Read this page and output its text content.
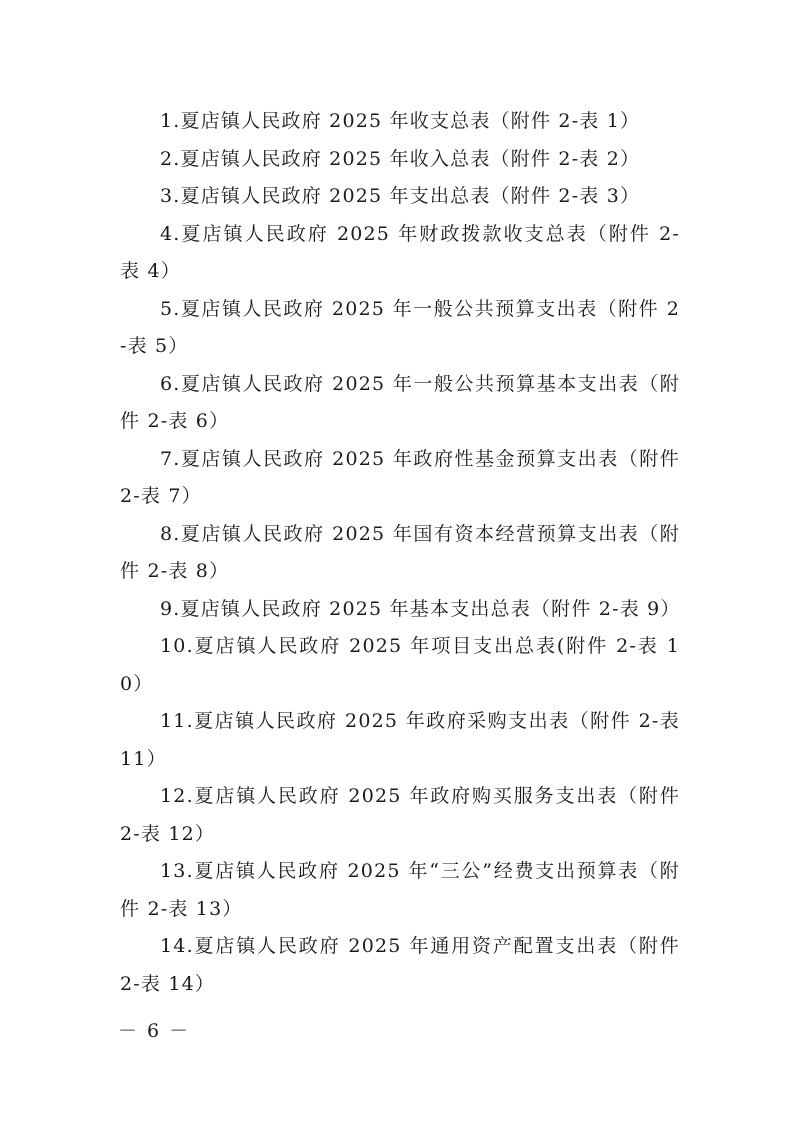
1.夏店镇人民政府 2025 年收支总表（附件 2-表 1）
2.夏店镇人民政府 2025 年收入总表（附件 2-表 2）
3.夏店镇人民政府 2025 年支出总表（附件 2-表 3）
4.夏店镇人民政府 2025 年财政拨款收支总表（附件 2-表 4）
5.夏店镇人民政府 2025 年一般公共预算支出表（附件 2-表 5）
6.夏店镇人民政府 2025 年一般公共预算基本支出表（附件 2-表 6）
7.夏店镇人民政府 2025 年政府性基金预算支出表（附件 2-表 7）
8.夏店镇人民政府 2025 年国有资本经营预算支出表（附件 2-表 8）
9.夏店镇人民政府 2025 年基本支出总表（附件 2-表 9）
10.夏店镇人民政府 2025 年项目支出总表(附件 2-表 10）
11.夏店镇人民政府 2025 年政府采购支出表（附件 2-表 11）
12.夏店镇人民政府 2025 年政府购买服务支出表（附件 2-表 12）
13.夏店镇人民政府 2025 年“三公”经费支出预算表（附件 2-表 13）
14.夏店镇人民政府 2025 年通用资产配置支出表（附件 2-表 14）
－ 6 －
